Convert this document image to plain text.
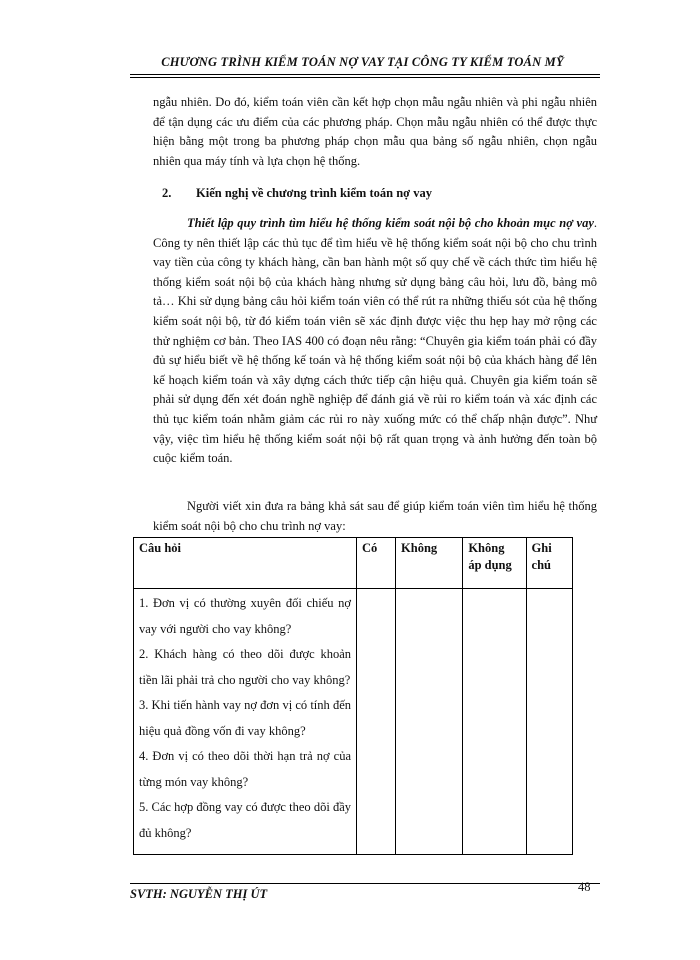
CHƯƠNG TRÌNH KIỂM TOÁN NỢ VAY TẠI CÔNG TY KIỂM TOÁN MỸ
ngẫu nhiên. Do đó, kiểm toán viên cần kết hợp chọn mẫu ngẫu nhiên và phi ngẫu nhiên để tận dụng các ưu điểm của các phương pháp. Chọn mẫu ngẫu nhiên có thể được thực hiện bằng một trong ba phương pháp chọn mẫu qua bảng số ngẫu nhiên, chọn ngẫu nhiên qua máy tính và lựa chọn hệ thống.
2. Kiến nghị về chương trình kiểm toán nợ vay
Thiết lập quy trình tìm hiểu hệ thống kiểm soát nội bộ cho khoản mục nợ vay. Công ty nên thiết lập các thủ tục để tìm hiểu về hệ thống kiểm soát nội bộ cho chu trình vay tiền của công ty khách hàng, cần ban hành một số quy chế về cách thức tìm hiểu hệ thống kiểm soát nội bộ của khách hàng nhưng sử dụng bảng câu hỏi, lưu đồ, bảng mô tả… Khi sử dụng bảng câu hỏi kiểm toán viên có thể rút ra những thiếu sót của hệ thống kiểm soát nội bộ, từ đó kiểm toán viên sẽ xác định được việc thu hẹp hay mở rộng các thử nghiệm cơ bản. Theo IAS 400 có đoạn nêu rằng: “Chuyên gia kiểm toán phải có đầy đủ sự hiểu biết về hệ thống kế toán và hệ thống kiểm soát nội bộ của khách hàng để lên kế hoạch kiểm toán và xây dựng cách thức tiếp cận hiệu quả. Chuyên gia kiểm toán sẽ phải sử dụng đến xét đoán nghề nghiệp để đánh giá về rủi ro kiểm toán và xác định các thủ tục kiểm toán nhằm giảm các rủi ro này xuống mức có thể chấp nhận được”. Như vậy, việc tìm hiểu hệ thống kiểm soát nội bộ rất quan trọng và ảnh hưởng đến toàn bộ cuộc kiểm toán.
Người viết xin đưa ra bảng khả sát sau để giúp kiểm toán viên tìm hiểu hệ thống kiểm soát nội bộ cho chu trình nợ vay:
Câu hỏi	Có	Không	Không áp dụng	Ghi chú

1. Đơn vị có thường xuyên đối chiếu nợ vay với người cho vay không?
2. Khách hàng có theo dõi được khoản tiền lãi phải trả cho người cho vay không?
3. Khi tiến hành vay nợ đơn vị có tính đến hiệu quả đồng vốn đi vay không?
4. Đơn vị có theo dõi thời hạn trả nợ của từng món vay không?
5. Các hợp đồng vay có được theo dõi đầy đủ không?				

SVTH: NGUYỄN THỊ ÚT	48
